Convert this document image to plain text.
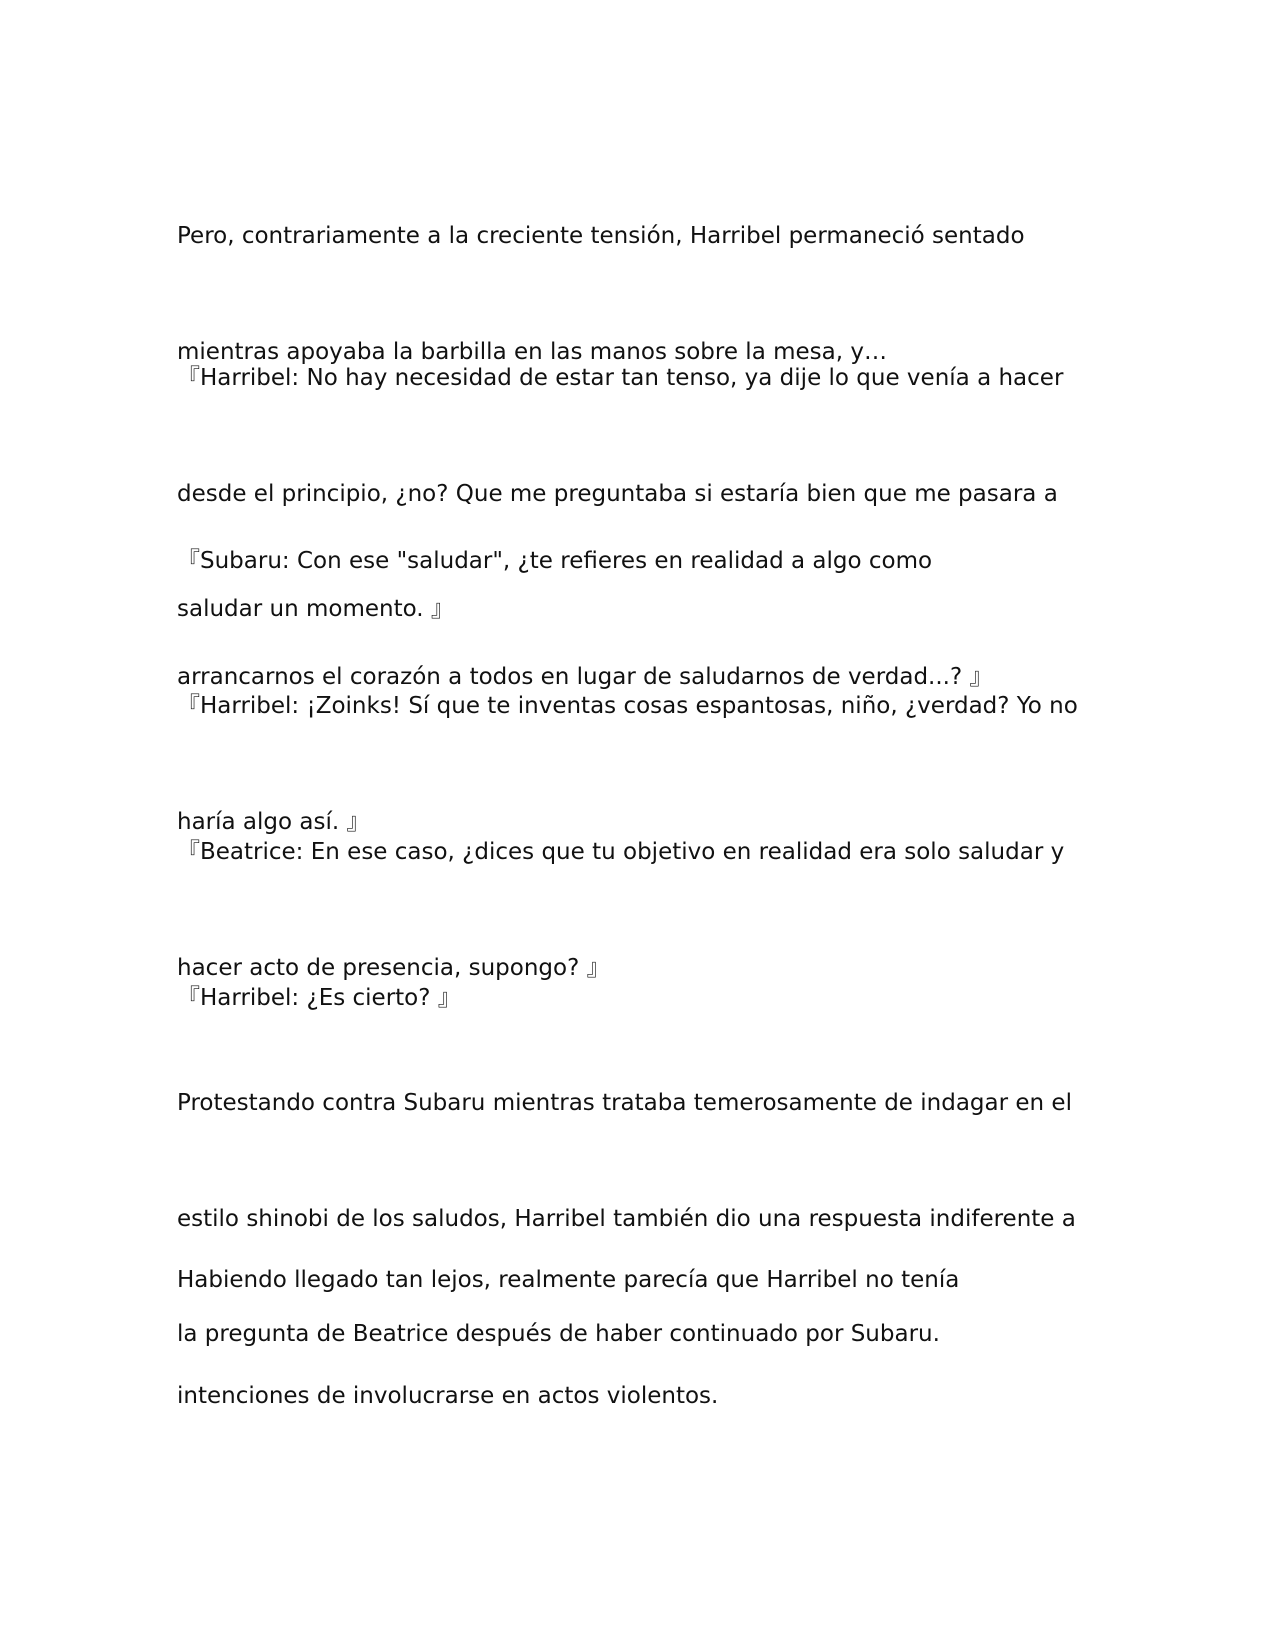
Pero, contrariamente a la creciente tensión, Harribel permaneció sentado

mientras apoyaba la barbilla en las manos sobre la mesa, y…

『Harribel: No hay necesidad de estar tan tenso, ya dije lo que venía a hacer

desde el principio, ¿no? Que me preguntaba si estaría bien que me pasara a

saludar un momento. 』

『Subaru: Con ese "saludar", ¿te refieres en realidad a algo como

arrancarnos el corazón a todos en lugar de saludarnos de verdad...? 』

『Harribel: ¡Zoinks! Sí que te inventas cosas espantosas, niño, ¿verdad? Yo no

haría algo así. 』

『Beatrice: En ese caso, ¿dices que tu objetivo en realidad era solo saludar y

hacer acto de presencia, supongo? 』

『Harribel: ¿Es cierto? 』

Protestando contra Subaru mientras trataba temerosamente de indagar en el

estilo shinobi de los saludos, Harribel también dio una respuesta indiferente a

la pregunta de Beatrice después de haber continuado por Subaru.

Habiendo llegado tan lejos, realmente parecía que Harribel no tenía

intenciones de involucrarse en actos violentos.
